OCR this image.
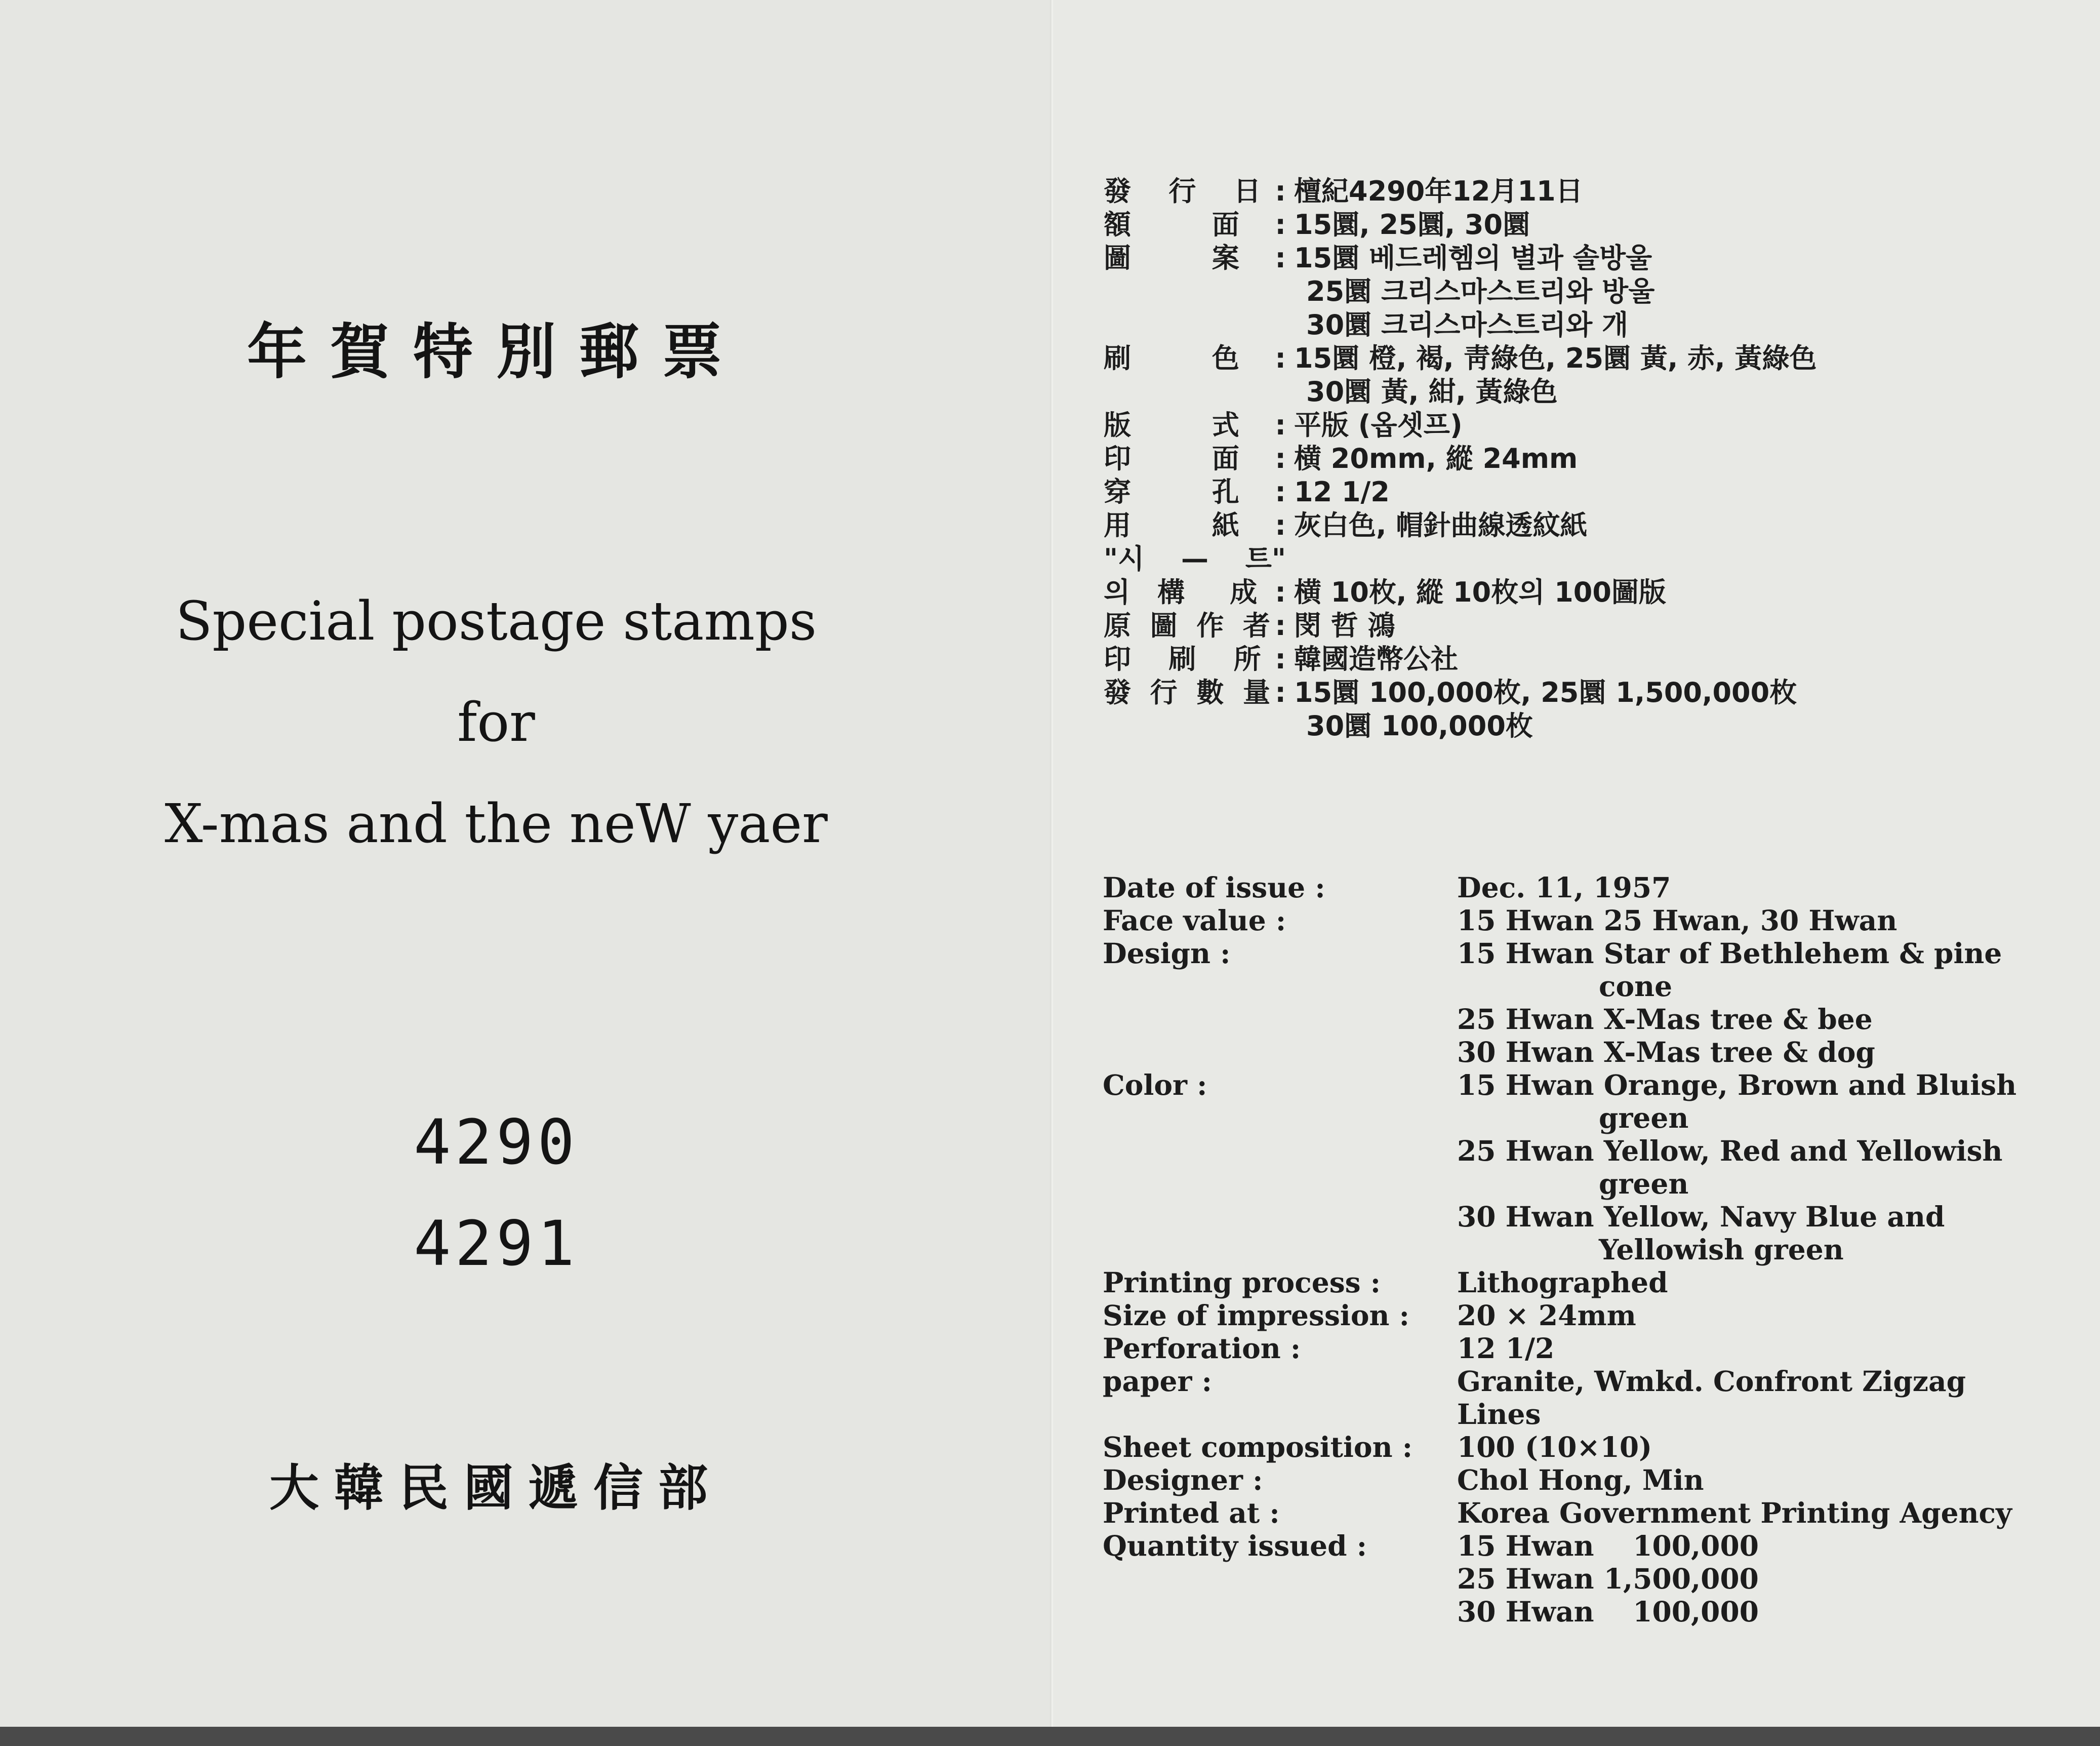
年賀特別郵票
Special postage stamps
for
X-mas and the neW yaer
4290
4291
大韓民國遞信部
發 行 日: 檀紀4290年12月11日
額 面: 15圜, 25圜, 30圜
圖 案: 15圜 베드레헴의 별과 솔방울
25圜 크리스마스트리와 방울
30圜 크리스마스트리와 개
刷 色: 15圜 橙, 褐, 靑綠色, 25圜 黃, 赤, 黃綠色
30圜 黃, 紺, 黃綠色
版 式: 平版 (옵셋프)
印 面: 横 20mm, 縱 24mm
穿 孔: 12 1/2
用 紙: 灰白色, 帽針曲線透紋紙
"시 — 트"
의 構 成: 横 10枚, 縱 10枚의 100圖版
原 圖 作 者: 閔 哲 鴻
印 刷 所: 韓國造幣公社
發 行 數 量: 15圜 100,000枚, 25圜 1,500,000枚
30圜 100,000枚
Date of issue :	Dec. 11, 1957
Face value :	15 Hwan 25 Hwan, 30 Hwan
Design :	15 Hwan Star of Bethlehem & pine
cone
25 Hwan X-Mas tree & bee
30 Hwan X-Mas tree & dog
Color :	15 Hwan Orange, Brown and Bluish
green
25 Hwan Yellow, Red and Yellowish
green
30 Hwan Yellow, Navy Blue and
Yellowish green
Printing process :	Lithographed
Size of impression :	20 × 24mm
Perforation :	12 1/2
paper :	Granite, Wmkd. Confront Zigzag
Lines
Sheet composition :	100 (10×10)
Designer :	Chol Hong, Min
Printed at :	Korea Government Printing Agency
Quantity issued :	15 Hwan    100,000
25 Hwan 1,500,000
30 Hwan    100,000
